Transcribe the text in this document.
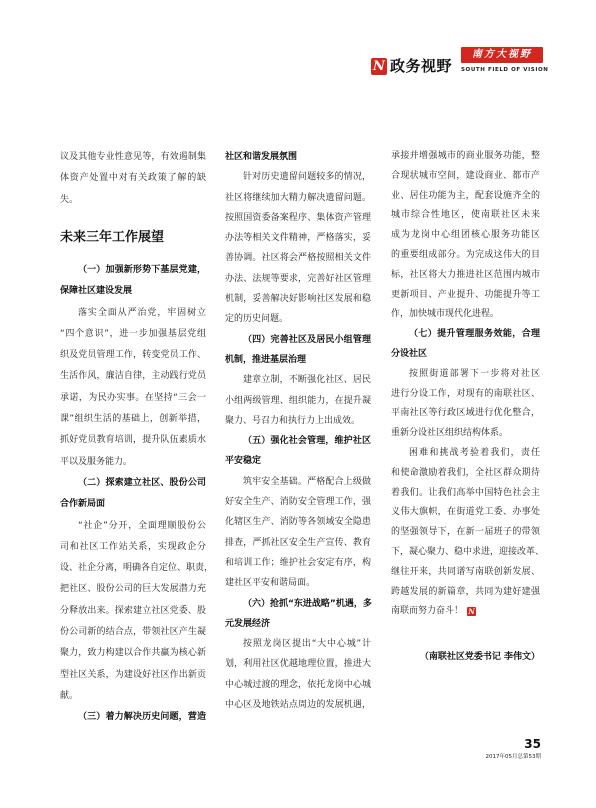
N 政务视野
南方大视野
SOUTH FIELD OF VISION
议及其他专业性意见等，有效遏制集
体资产处置中对有关政策了解的缺
失。
未来三年工作展望
（一）加强新形势下基层党建，
保障社区建设发展
落实全面从严治党，牢固树立
“四个意识”，进一步加强基层党组
织及党员管理工作，转变党员工作、
生活作风，廉洁自律，主动践行党员
承诺，为民办实事。在坚持“三会一
课”组织生活的基础上，创新举措，
抓好党员教育培训，提升队伍素质水
平以及服务能力。
（二）探索建立社区、股份公司
合作新局面
“社企”分开，全面理顺股份公
司和社区工作站关系，实现政企分
设、社企分离，明确各自定位、职责，
把社区、股份公司的巨大发展潜力充
分释放出来。探索建立社区党委、股
份公司新的结合点，带领社区产生凝
聚力，致力构建以合作共赢为核心新
型社区关系，为建设好社区作出新贡
献。
（三）着力解决历史问题，营造
社区和谐发展氛围
针对历史遗留问题较多的情况，
社区将继续加大精力解决遗留问题。
按照国资委备案程序、集体资产管理
办法等相关文件精神，严格落实，妥
善协调。社区将会严格按照相关文件
办法、法规等要求，完善好社区管理
机制，妥善解决好影响社区发展和稳
定的历史问题。
（四）完善社区及居民小组管理
机制，推进基层治理
建章立制，不断强化社区、居民
小组两级管理、组织能力，在提升凝
聚力、号召力和执行力上出成效。
（五）强化社会管理，维护社区
平安稳定
筑牢安全基础。严格配合上级做
好安全生产、消防安全管理工作，强
化辖区生产、消防等各领域安全隐患
排查，严抓社区安全生产宣传、教育
和培训工作；维护社会安定有序，构
建社区平安和谐局面。
（六）抢抓“东进战略”机遇，多
元发展经济
按照龙岗区提出“大中心城”计
划，利用社区优越地理位置，推进大
中心城过渡的理念，依托龙岗中心城
中心区及地铁站点周边的发展机遇，
承接并增强城市的商业服务功能，整
合现状城市空间，建设商业、都市产
业、居住功能为主，配套设施齐全的
城市综合性地区，使南联社区未来
成为龙岗中心组团核心服务功能区
的重要组成部分。为完成这伟大的目
标，社区将大力推进社区范围内城市
更新项目、产业提升、功能提升等工
作，加快城市现代化进程。
（七）提升管理服务效能，合理
分设社区
按照街道部署下一步将对社区
进行分设工作，对现有的南联社区、
平南社区等行政区域进行优化整合，
重新分设社区组织结构体系。
困难和挑战考验着我们，责任
和使命激励着我们，全社区群众期待
着我们。让我们高举中国特色社会主
义伟大旗帜，在街道党工委、办事处
的坚强领导下，在新一届班子的带领
下，凝心聚力、稳中求进，迎接改革、
继往开来，共同谱写南联创新发展、
跨越发展的新篇章，共同为建好建强
南联而努力奋斗！ N
（南联社区党委书记 李伟文）
35
2017年05月总第53期
